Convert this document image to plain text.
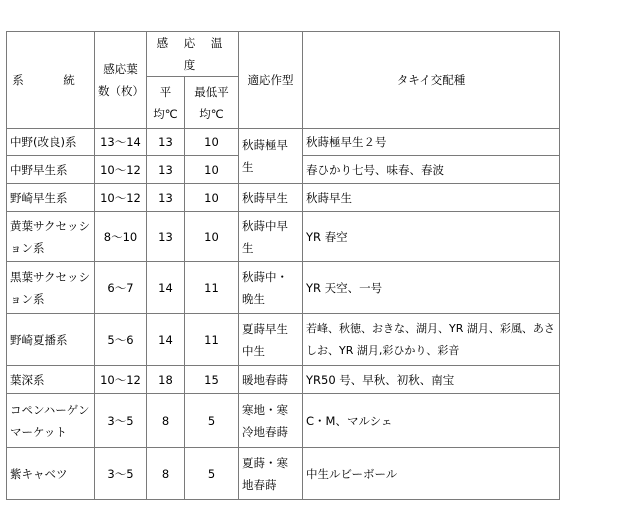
系　統	感応葉数（枚）	感 応 温 度		適応作型	タキイ交配種
		平均℃	最低平均℃		
中野(改良)系	13～14	13	10	秋蒔極早生	秋蒔極早生２号
中野早生系	10～12	13	10		春ひかり七号、味春、春波
野崎早生系	10～12	13	10	秋蒔早生	秋蒔早生
黄葉サクセッション系	8～10	13	10	秋蒔中早生	YR 春空
黒葉サクセッション系	6～7	14	11	秋蒔中・晩生	YR 天空、一号
野崎夏播系	5～6	14	11	夏蒔早生　中生	若峰、秋徳、おきな、湖月、YR 湖月、彩風、あさしお、YR 湖月,彩ひかり、彩音
葉深系	10～12	18	15	暖地春蒔	YR50 号、早秋、初秋、南宝
コペンハーゲンマーケット	3～5	8	5	寒地・寒冷地春蒔	C・M、マルシェ
紫キャベツ	3～5	8	5	夏蒔・寒地春蒔	中生ルビーボール
